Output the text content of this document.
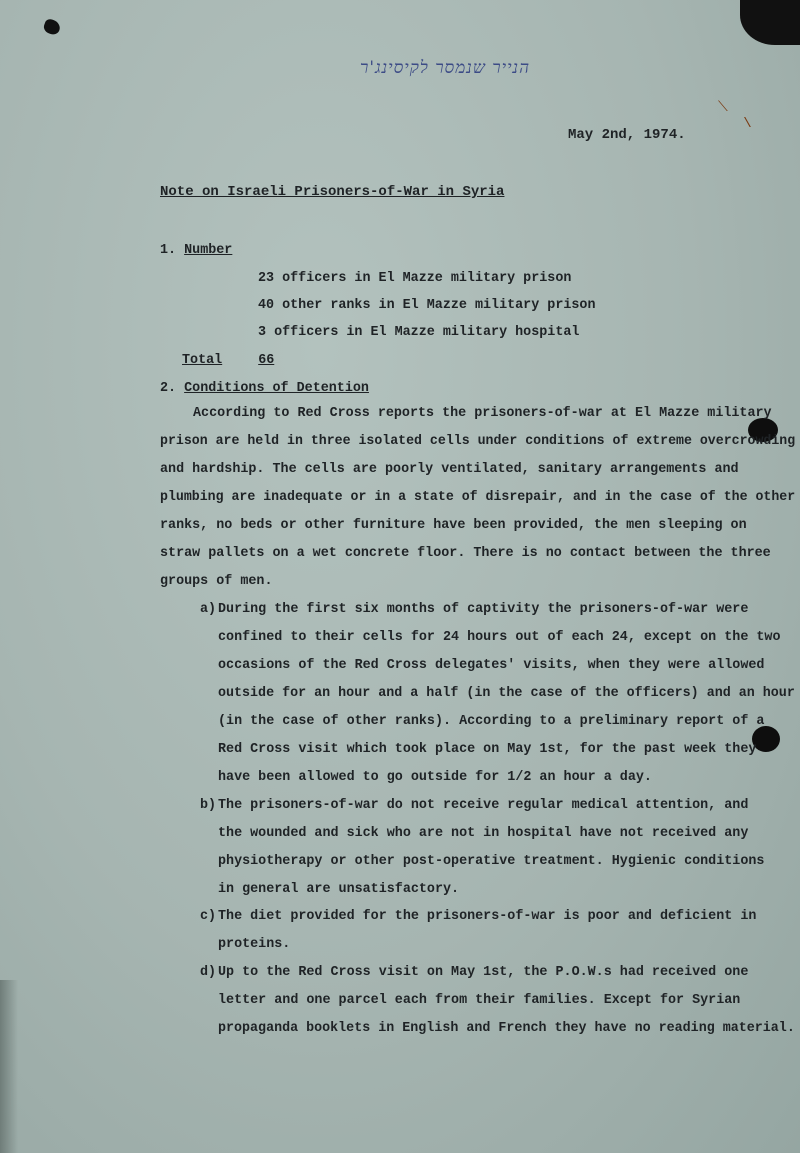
⟍
\
הנייר שנמסר לקיסינג'ר
May 2nd, 1974.
Note on Israeli Prisoners-of-War in Syria
1. Number
23 officers in El Mazze military prison
40 other ranks in El Mazze military prison
3 officers in El Mazze military hospital
Total	66
2. Conditions of Detention
According to Red Cross reports the prisoners-of-war at El Mazze military
prison are held in three isolated cells under conditions of extreme overcrowding
and hardship. The cells are poorly ventilated, sanitary arrangements and
plumbing are inadequate or in a state of disrepair, and in the case of the other
ranks, no beds or other furniture have been provided, the men sleeping on
straw pallets on a wet concrete floor. There is no contact between the three
groups of men.
a) During the first six months of captivity the prisoners-of-war were
confined to their cells for 24 hours out of each 24, except on the two
occasions of the Red Cross delegates' visits, when they were allowed
outside for an hour and a half (in the case of the officers) and an hour
(in the case of other ranks). According to a preliminary report of a
Red Cross visit which took place on May 1st, for the past week they
have been allowed to go outside for 1/2 an hour a day.
b) The prisoners-of-war do not receive regular medical attention, and
the wounded and sick who are not in hospital have not received any
physiotherapy or other post-operative treatment. Hygienic conditions
in general are unsatisfactory.
c) The diet provided for the prisoners-of-war is poor and deficient in
proteins.
d) Up to the Red Cross visit on May 1st, the P.O.W.s had received one
letter and one parcel each from their families. Except for Syrian
propaganda booklets in English and French they have no reading material.
